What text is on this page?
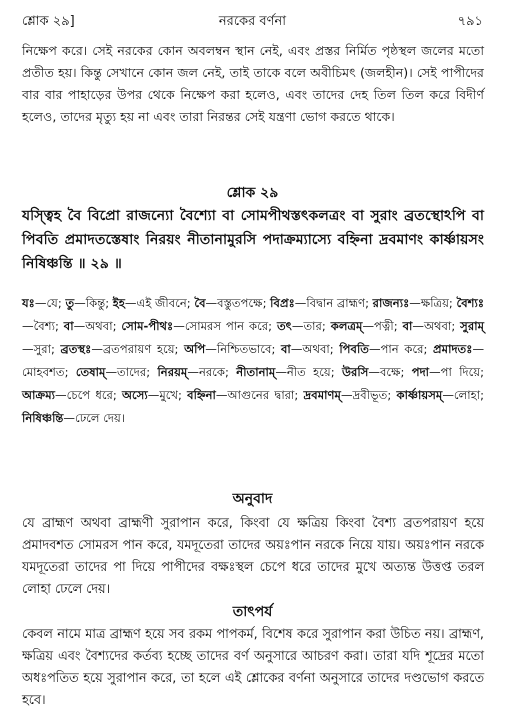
শ্লোক ২৯]	নরকের বর্ণনা	৭৯১

নিক্ষেপ করে। সেই নরকের কোন অবলম্বন স্থান নেই, এবং প্রস্তর নির্মিত পৃষ্ঠস্থল জলের মতো প্রতীত হয়। কিন্তু সেখানে কোন জল নেই, তাই তাকে বলে অবীচিমৎ (জলহীন)। সেই পাপীদের বার বার পাহাড়ের উপর থেকে নিক্ষেপ করা হলেও, এবং তাদের দেহ তিল তিল করে বিদীর্ণ হলেও, তাদের মৃত্যু হয় না এবং তারা নিরন্তর সেই যন্ত্রণা ভোগ করতে থাকে।

শ্লোক ২৯

যস্ত্বিহ বৈ বিপ্রো রাজন্যো বৈশ্যো বা সোমপীথস্তৎকলত্রং বা সুরাং ব্রতস্থোঽপি বা পিবতি প্রমাদতস্তেষাং নিরয়ং নীতানামুরসি পদাক্রম্যাস্যে বহ্নিনা দ্রবমাণং কার্ষ্ণায়সং নিষিঞ্চন্তি ॥ ২৯ ॥

যঃ—যে; তু—কিন্তু; ইহ—এই জীবনে; বৈ—বস্তুতপক্ষে; বিপ্রঃ—বিদ্বান ব্রাহ্মণ; রাজন্যঃ—ক্ষত্রিয়; বৈশ্যঃ—বৈশ্য; বা—অথবা; সোম-পীথঃ—সোমরস পান করে; তৎ—তার; কলত্রম্—পত্নী; বা—অথবা; সুরাম্—সুরা; ব্রতস্থঃ—ব্রতপরায়ণ হয়ে; অপি—নিশ্চিতভাবে; বা—অথবা; পিবতি—পান করে; প্রমাদতঃ—মোহবশত; তেষাম্—তাদের; নিরয়ম্—নরকে; নীতানাম্—নীত হয়ে; উরসি—বক্ষে; পদা—পা দিয়ে; আক্রম্য—চেপে ধরে; অস্যে—মুখে; বহ্নিনা—আগুনের দ্বারা; দ্রবমাণম্—দ্রবীভূত; কার্ষ্ণায়সম্—লোহা; নিষিঞ্চন্তি—ঢেলে দেয়।

অনুবাদ

যে ব্রাহ্মণ অথবা ব্রাহ্মণী সুরাপান করে, কিংবা যে ক্ষত্রিয় কিংবা বৈশ্য ব্রতপরায়ণ হয়ে প্রমাদবশত সোমরস পান করে, যমদূতেরা তাদের অয়ঃপান নরকে নিয়ে যায়। অয়ঃপান নরকে যমদূতেরা তাদের পা দিয়ে পাপীদের বক্ষঃস্থল চেপে ধরে তাদের মুখে অত্যন্ত উত্তপ্ত তরল লোহা ঢেলে দেয়।

তাৎপর্য

কেবল নামে মাত্র ব্রাহ্মণ হয়ে সব রকম পাপকর্ম, বিশেষ করে সুরাপান করা উচিত নয়। ব্রাহ্মণ, ক্ষত্রিয় এবং বৈশ্যদের কর্তব্য হচ্ছে তাদের বর্ণ অনুসারে আচরণ করা। তারা যদি শূদ্রের মতো অধঃপতিত হয়ে সুরাপান করে, তা হলে এই শ্লোকের বর্ণনা অনুসারে তাদের দণ্ডভোগ করতে হবে।
